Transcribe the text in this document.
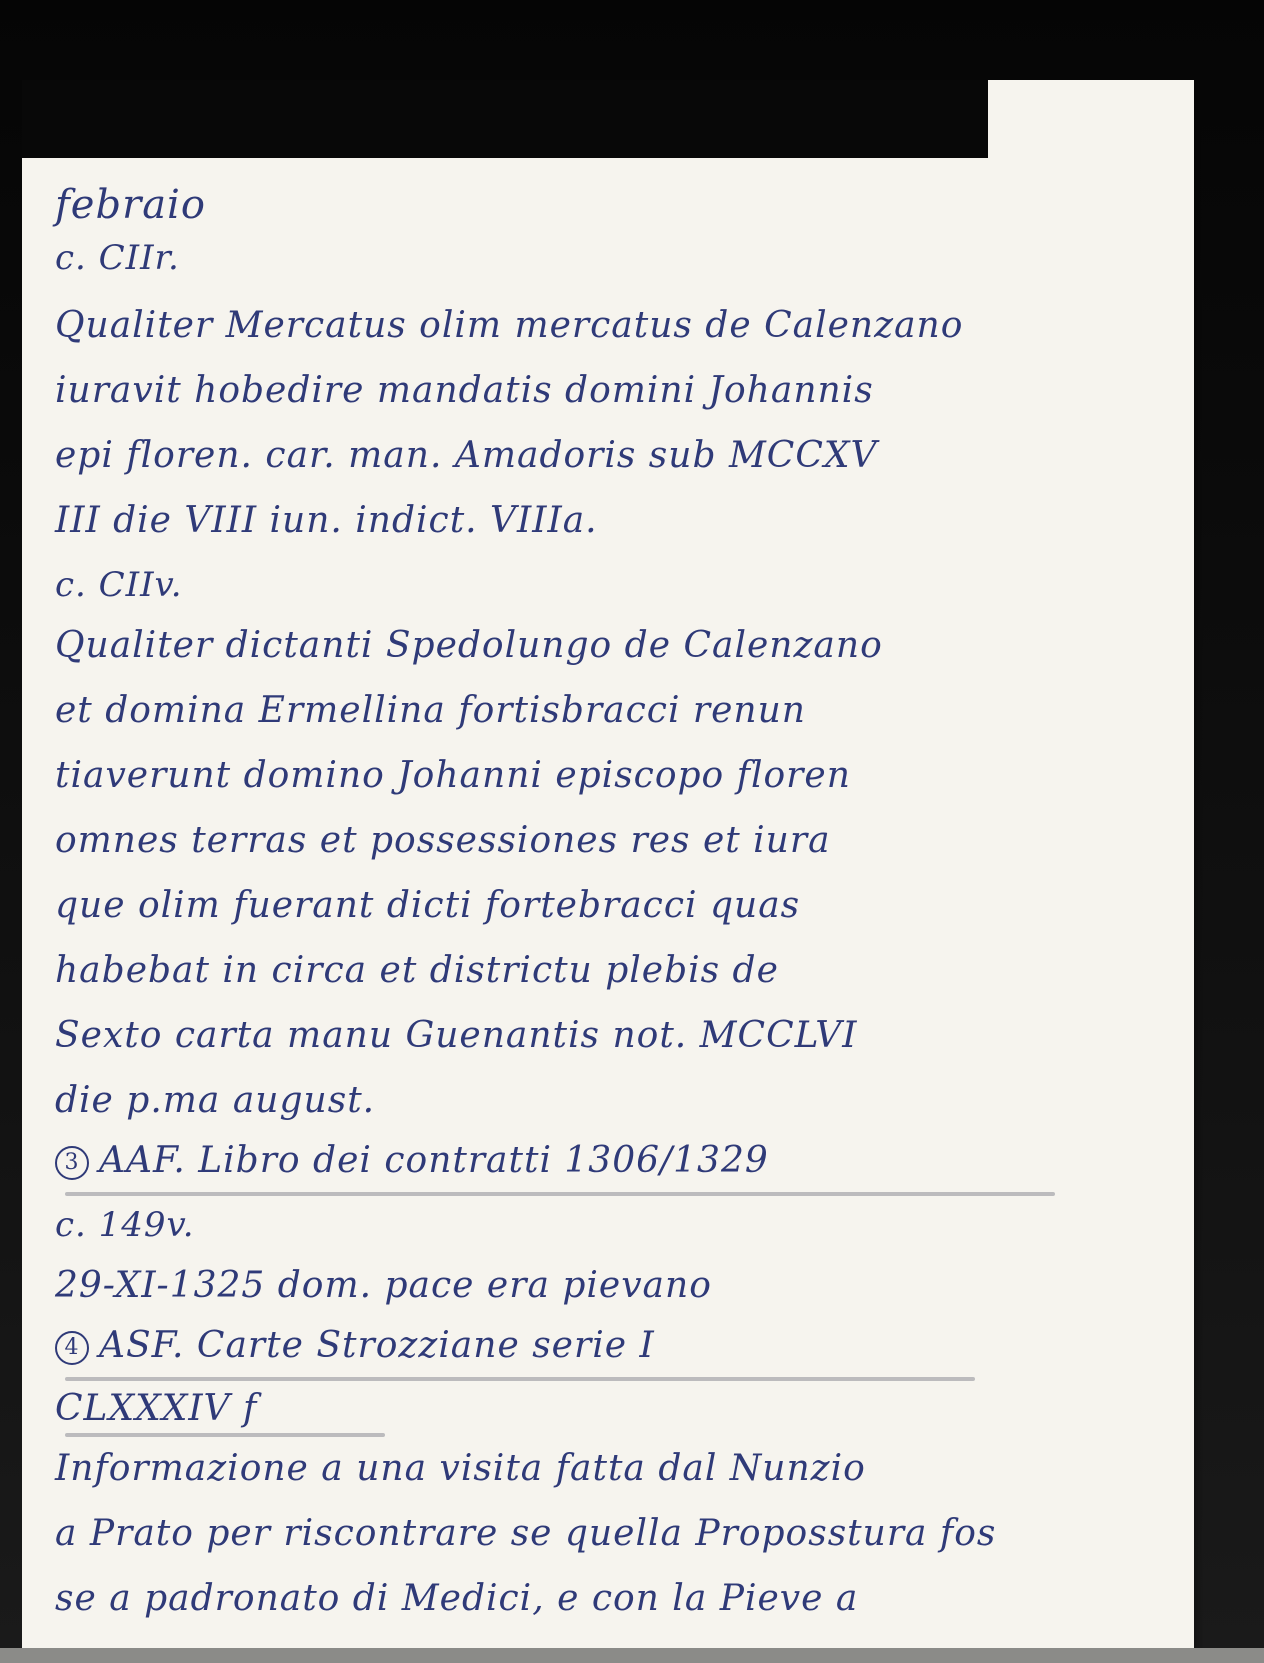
febraio

c. CIIr.

Qualiter Mercatus olim mercatus de Calenzano

iuravit hobedire mandatis domini Johannis

epi floren. car. man. Amadoris sub MCCXV

III die VIII iun. indict. VIIIa.

c. CIIv.

Qualiter dictanti Spedolungo de Calenzano

et domina Ermellina fortisbracci renun

tiaverunt domino Johanni episcopo floren

omnes terras et possessiones res et iura

que olim fuerant dicti fortebracci quas

habebat in circa et districtu plebis de

Sexto carta manu Guenantis not. MCCLVI

die p.ma august.

3 AAF. Libro dei contratti 1306/1329

c. 149v.

29-XI-1325 dom. pace era pievano

4 ASF. Carte Strozziane serie I

CLXXXIV f

Informazione a una visita fatta dal Nunzio

a Prato per riscontrare se quella Proposstura fos

se a padronato di Medici, e con la Pieve a
